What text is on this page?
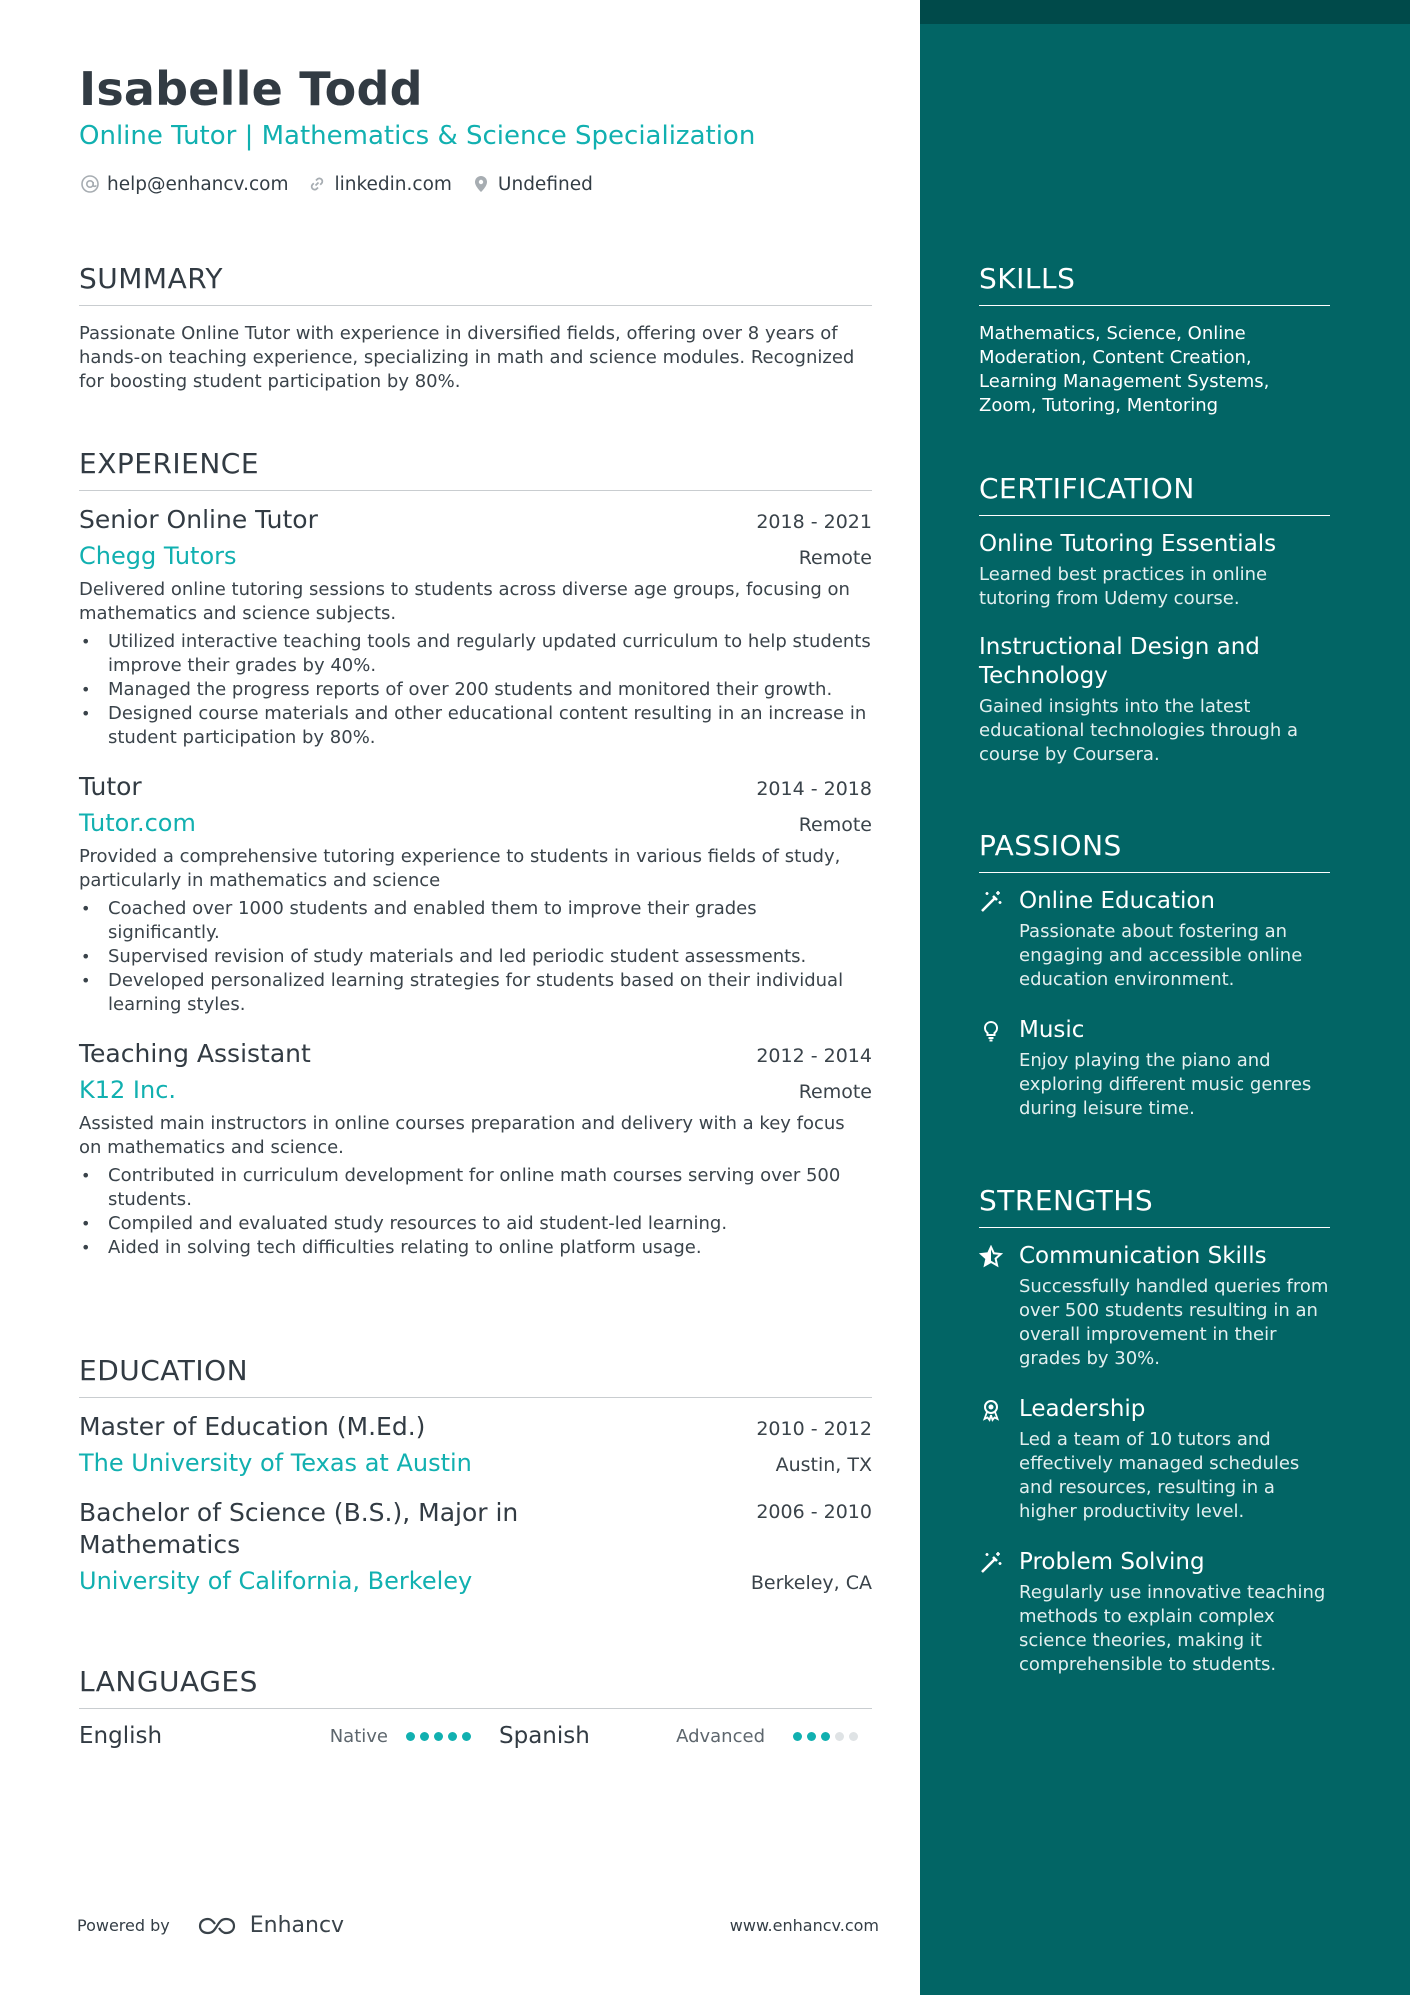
Isabelle Todd
Online Tutor | Mathematics & Science Specialization
help@enhancv.com linkedin.com Undefined
SUMMARY
Passionate Online Tutor with experience in diversified fields, offering over 8 years of hands-on teaching experience, specializing in math and science modules. Recognized for boosting student participation by 80%.
EXPERIENCE
Senior Online Tutor	2018 - 2021
Chegg Tutors	Remote
Delivered online tutoring sessions to students across diverse age groups, focusing on mathematics and science subjects.
• Utilized interactive teaching tools and regularly updated curriculum to help students improve their grades by 40%.
• Managed the progress reports of over 200 students and monitored their growth.
• Designed course materials and other educational content resulting in an increase in student participation by 80%.
Tutor	2014 - 2018
Tutor.com	Remote
Provided a comprehensive tutoring experience to students in various fields of study, particularly in mathematics and science
• Coached over 1000 students and enabled them to improve their grades significantly.
• Supervised revision of study materials and led periodic student assessments.
• Developed personalized learning strategies for students based on their individual learning styles.
Teaching Assistant	2012 - 2014
K12 Inc.	Remote
Assisted main instructors in online courses preparation and delivery with a key focus on mathematics and science.
• Contributed in curriculum development for online math courses serving over 500 students.
• Compiled and evaluated study resources to aid student-led learning.
• Aided in solving tech difficulties relating to online platform usage.
EDUCATION
Master of Education (M.Ed.)	2010 - 2012
The University of Texas at Austin	Austin, TX
Bachelor of Science (B.S.), Major in Mathematics
2006 - 2010
University of California, Berkeley	Berkeley, CA
LANGUAGES
English	Native	Spanish	Advanced
Powered by	Enhancv	www.enhancv.com
SKILLS
Mathematics, Science, Online Moderation, Content Creation, Learning Management Systems, Zoom, Tutoring, Mentoring
CERTIFICATION
Online Tutoring Essentials
Learned best practices in online tutoring from Udemy course.
Instructional Design and Technology
Gained insights into the latest educational technologies through a course by Coursera.
PASSIONS
Online Education
Passionate about fostering an engaging and accessible online education environment.
Music
Enjoy playing the piano and exploring different music genres during leisure time.
STRENGTHS
Communication Skills
Successfully handled queries from over 500 students resulting in an overall improvement in their grades by 30%.
Leadership
Led a team of 10 tutors and effectively managed schedules and resources, resulting in a higher productivity level.
Problem Solving
Regularly use innovative teaching methods to explain complex science theories, making it comprehensible to students.
